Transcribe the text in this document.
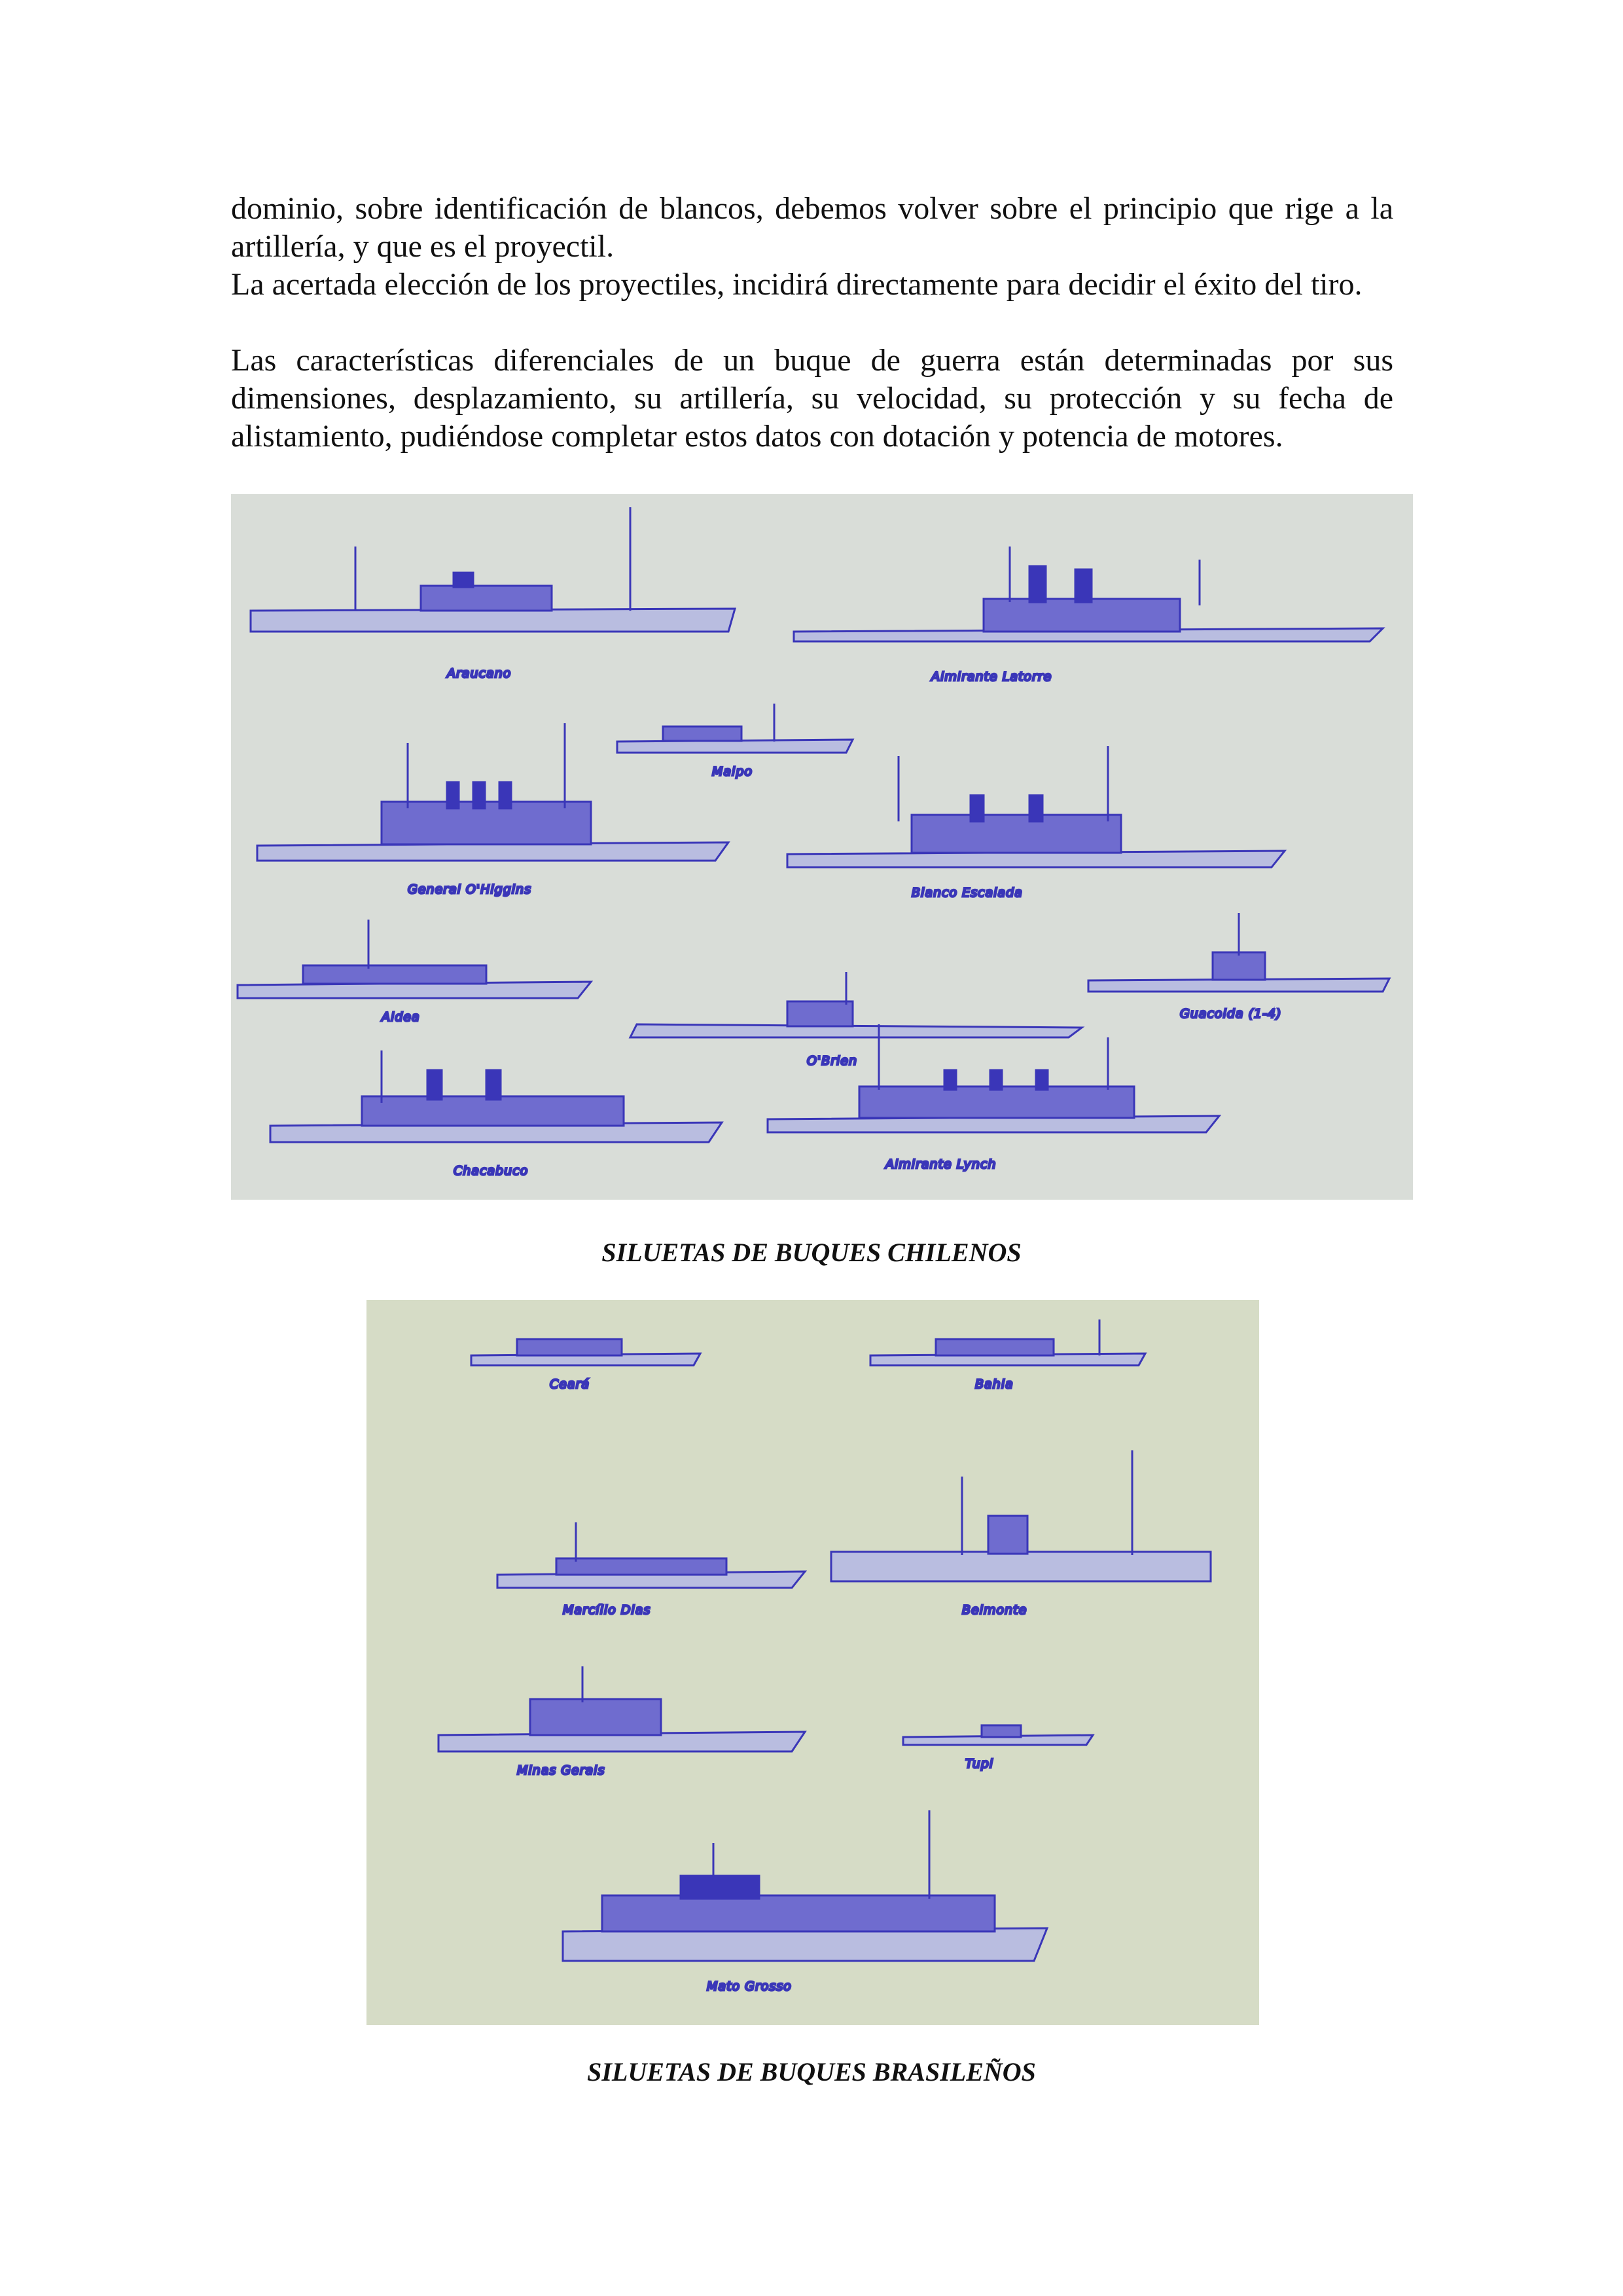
dominio, sobre identificación de blancos, debemos volver sobre el principio que rige a la artillería, y que es el proyectil.

La acertada elección de los proyectiles, incidirá directamente para decidir el éxito del tiro.

Las características diferenciales de un buque de guerra están determinadas por sus dimensiones, desplazamiento, su artillería, su velocidad, su protección y su fecha de alistamiento, pudiéndose completar estos datos con dotación y potencia de motores.

Araucano	Almirante Latorre
Maipo
General O'Higgins	Blanco Escalada
Aldea
O'Brien
Guacolda (1-4)
Chacabuco	Almirante Lynch

SILUETAS DE BUQUES CHILENOS

Ceará	Bahia
Marcílio Dias	Belmonte
Minas Gerais	Tupi
Mato Grosso

SILUETAS DE BUQUES BRASILEÑOS
